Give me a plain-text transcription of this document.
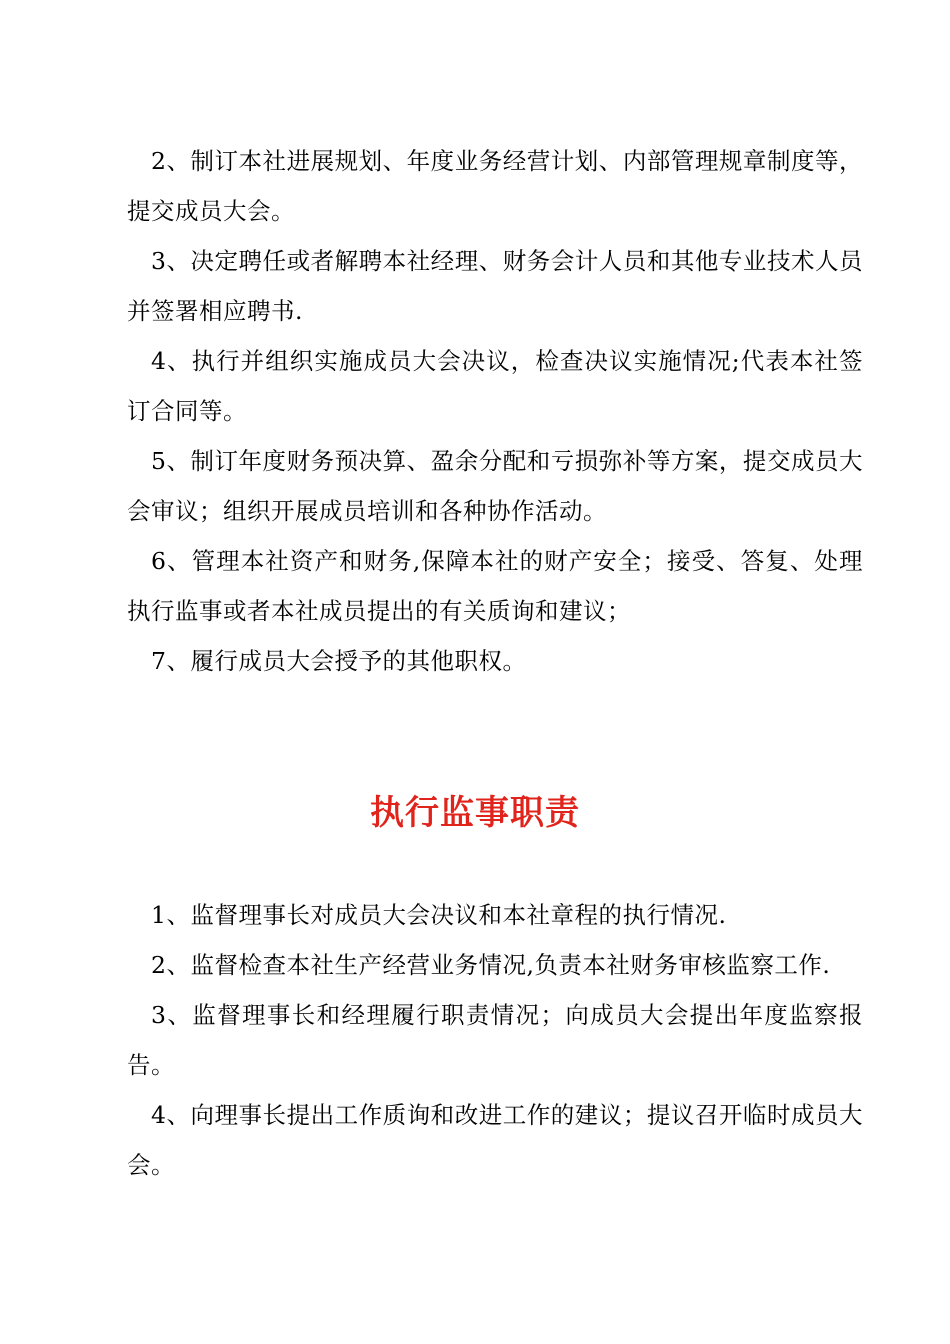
2、制订本社进展规划、年度业务经营计划、内部管理规章制度等，提交成员大会。

3、决定聘任或者解聘本社经理、财务会计人员和其他专业技术人员并签署相应聘书.

4、执行并组织实施成员大会决议，检查决议实施情况;代表本社签订合同等。

5、制订年度财务预决算、盈余分配和亏损弥补等方案，提交成员大会审议；组织开展成员培训和各种协作活动。

6、管理本社资产和财务,保障本社的财产安全；接受、答复、处理执行监事或者本社成员提出的有关质询和建议；

7、履行成员大会授予的其他职权。

执行监事职责

1、监督理事长对成员大会决议和本社章程的执行情况.

2、监督检查本社生产经营业务情况,负责本社财务审核监察工作.

3、监督理事长和经理履行职责情况；向成员大会提出年度监察报告。

4、向理事长提出工作质询和改进工作的建议；提议召开临时成员大会。
